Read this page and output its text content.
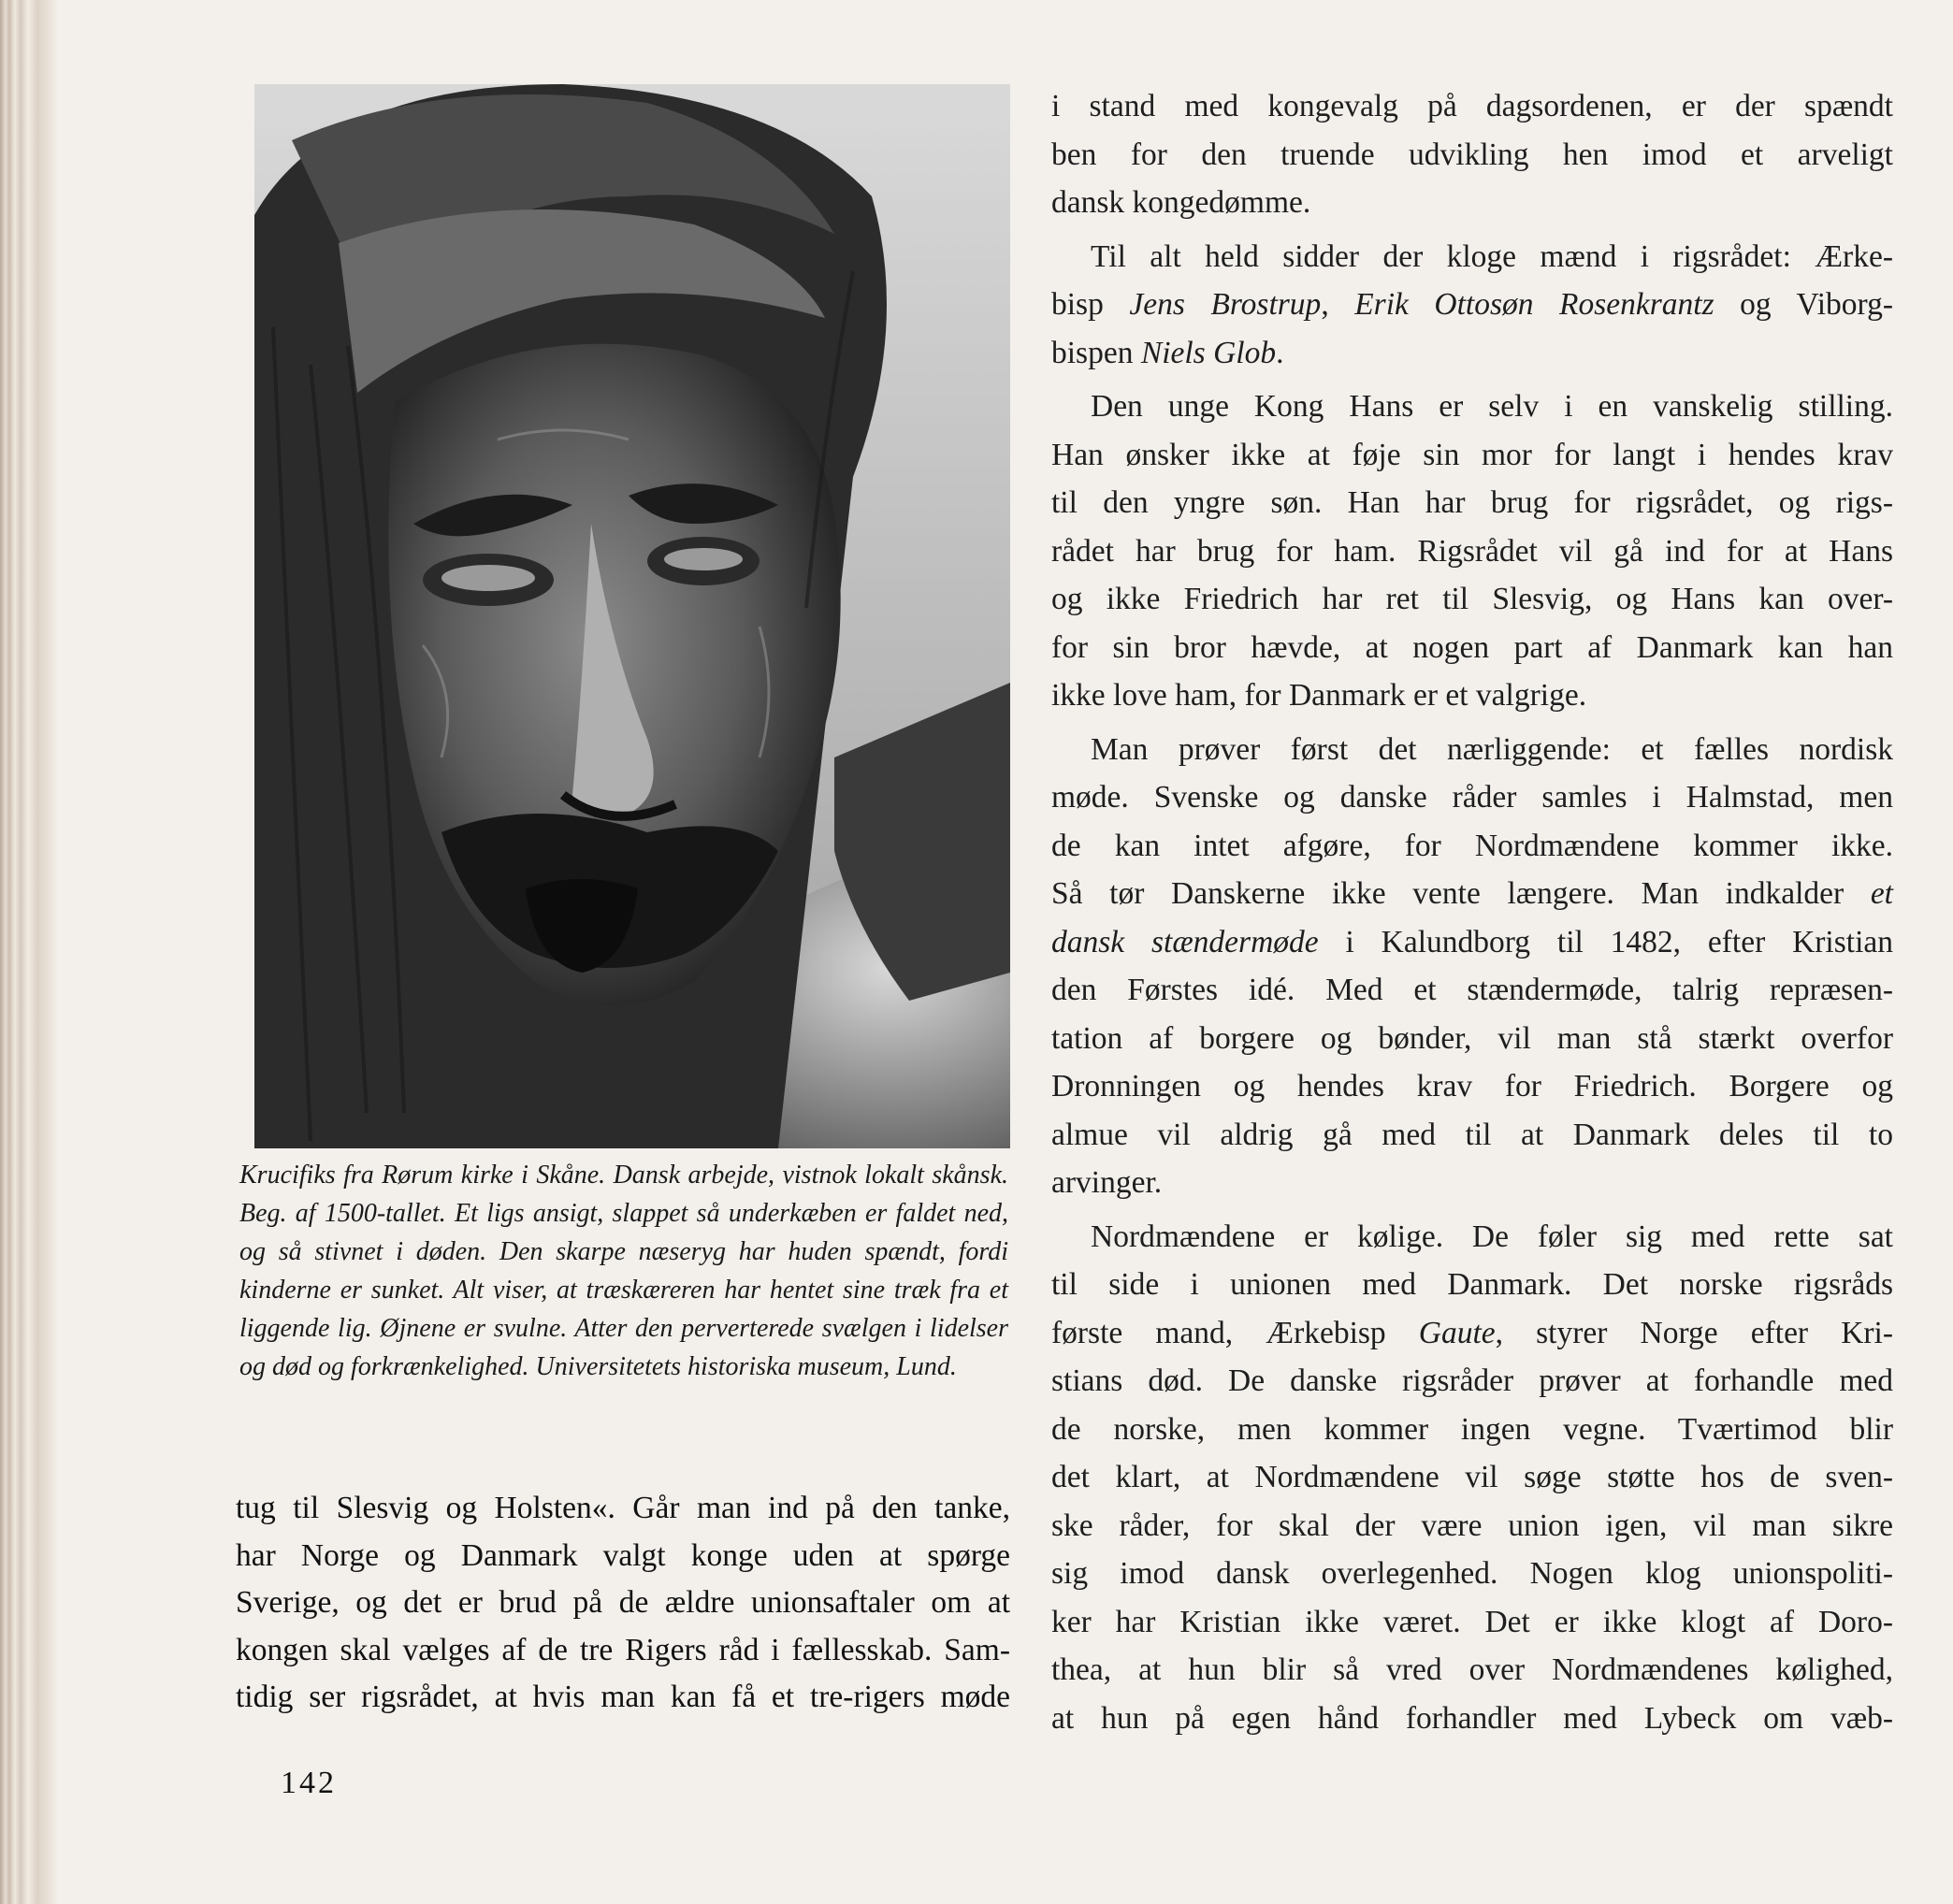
Krucifiks fra Rørum kirke i Skåne. Dansk arbejde, vistnok lokalt skånsk. Beg. af 1500-tallet. Et ligs ansigt, slappet så underkæben er faldet ned, og så stivnet i døden. Den skarpe næseryg har huden spændt, fordi kinderne er sunket. Alt viser, at træskæreren har hentet sine træk fra et liggende lig. Øjnene er svulne. Atter den perverterede svælgen i lidelser og død og forkrænkelighed. Universitetets historiska museum, Lund.
tug til Slesvig og Holsten«. Går man ind på den tanke,
har Norge og Danmark valgt konge uden at spørge
Sverige, og det er brud på de ældre unionsaftaler om at
kongen skal vælges af de tre Rigers råd i fællesskab. Sam-
tidig ser rigsrådet, at hvis man kan få et tre-rigers møde
i stand med kongevalg på dagsordenen, er der spændt
ben for den truende udvikling hen imod et arveligt
dansk kongedømme.
Til alt held sidder der kloge mænd i rigsrådet: Ærke-
bisp Jens Brostrup, Erik Ottosøn Rosenkrantz og Viborg-
bispen Niels Glob.
Den unge Kong Hans er selv i en vanskelig stilling.
Han ønsker ikke at føje sin mor for langt i hendes krav
til den yngre søn. Han har brug for rigsrådet, og rigs-
rådet har brug for ham. Rigsrådet vil gå ind for at Hans
og ikke Friedrich har ret til Slesvig, og Hans kan over-
for sin bror hævde, at nogen part af Danmark kan han
ikke love ham, for Danmark er et valgrige.
Man prøver først det nærliggende: et fælles nordisk
møde. Svenske og danske råder samles i Halmstad, men
de kan intet afgøre, for Nordmændene kommer ikke.
Så tør Danskerne ikke vente længere. Man indkalder et
dansk stændermøde i Kalundborg til 1482, efter Kristian
den Førstes idé. Med et stændermøde, talrig repræsen-
tation af borgere og bønder, vil man stå stærkt overfor
Dronningen og hendes krav for Friedrich. Borgere og
almue vil aldrig gå med til at Danmark deles til to
arvinger.
Nordmændene er kølige. De føler sig med rette sat
til side i unionen med Danmark. Det norske rigsråds
første mand, Ærkebisp Gaute, styrer Norge efter Kri-
stians død. De danske rigsråder prøver at forhandle med
de norske, men kommer ingen vegne. Tværtimod blir
det klart, at Nordmændene vil søge støtte hos de sven-
ske råder, for skal der være union igen, vil man sikre
sig imod dansk overlegenhed. Nogen klog unionspoliti-
ker har Kristian ikke været. Det er ikke klogt af Doro-
thea, at hun blir så vred over Nordmændenes kølighed,
at hun på egen hånd forhandler med Lybeck om væb-
142
